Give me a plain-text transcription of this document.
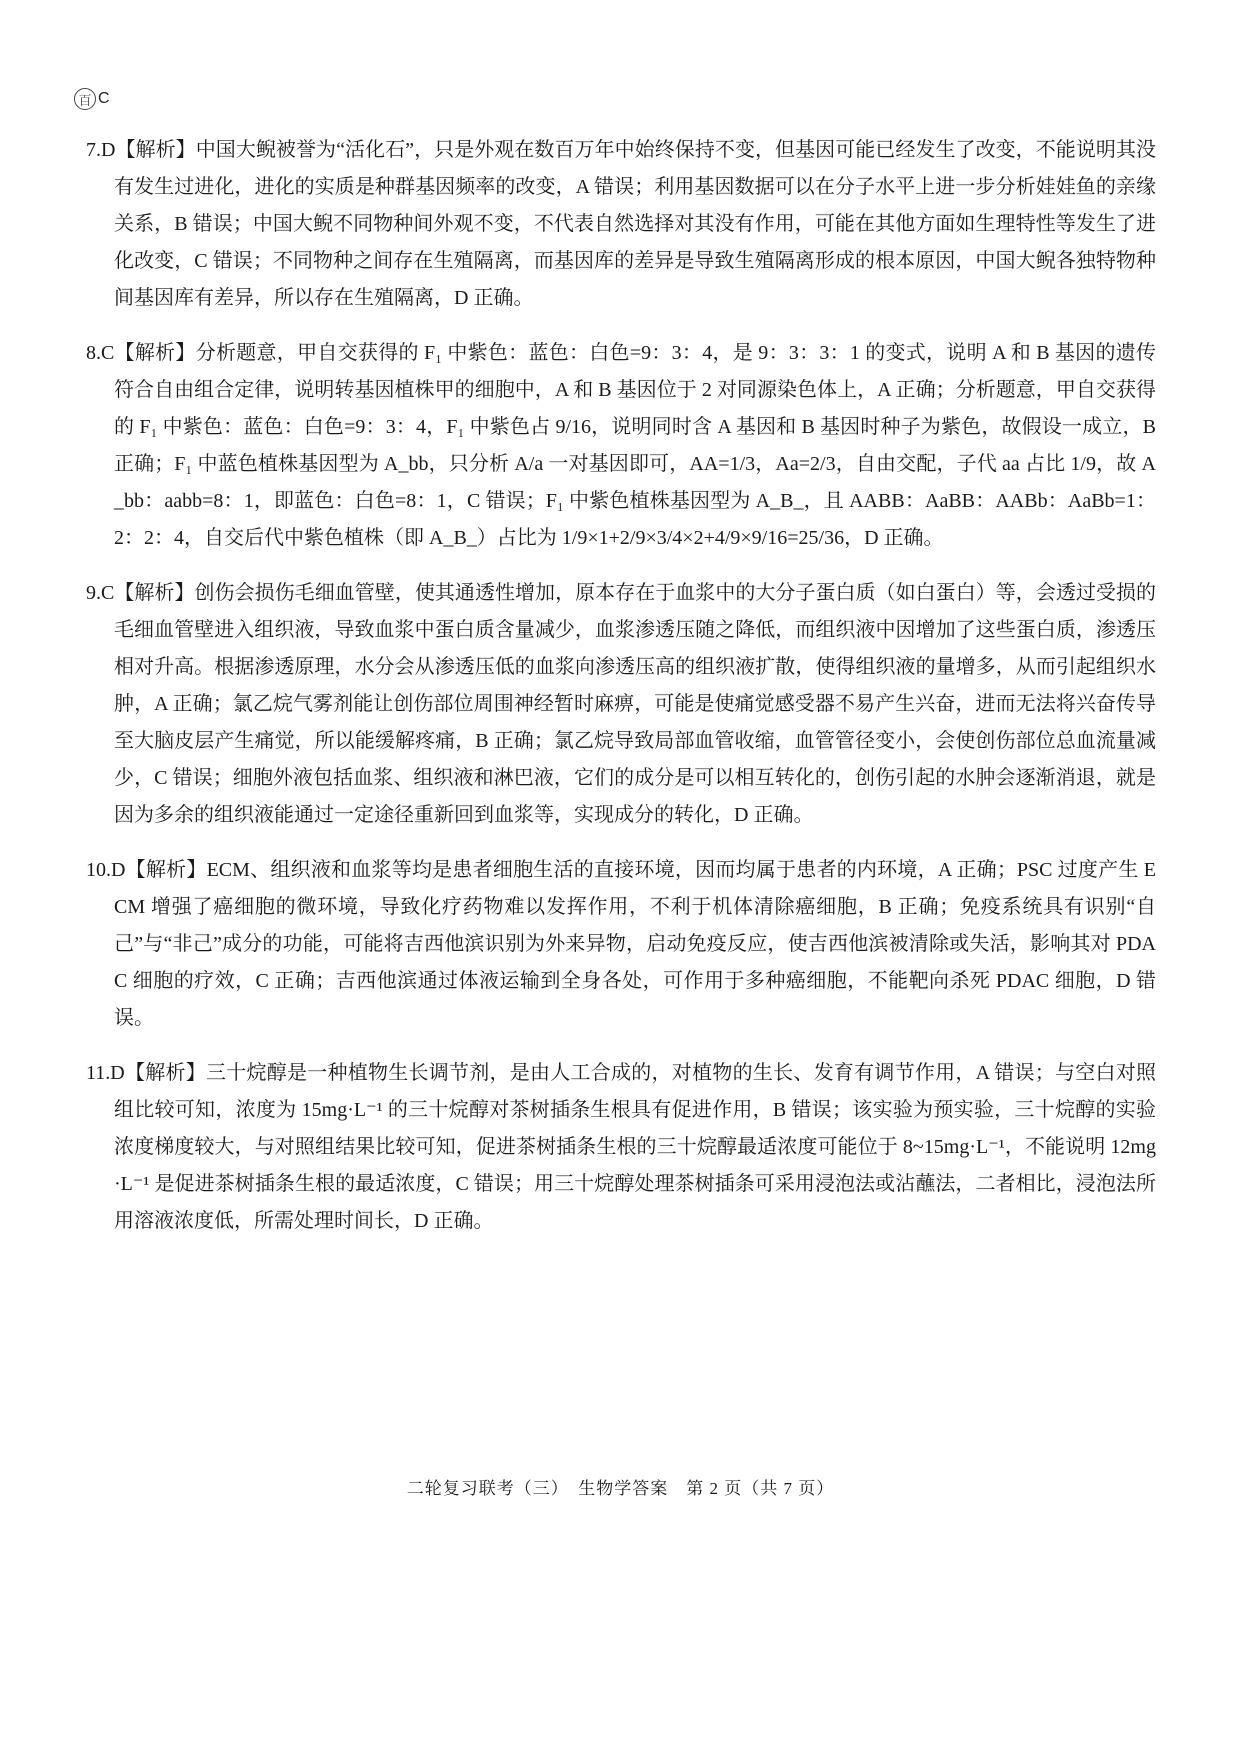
百 C

7.D【解析】中国大鲵被誉为“活化石”，只是外观在数百万年中始终保持不变，但基因可能已经发生了改变，不能说明其没有发生过进化，进化的实质是种群基因频率的改变，A 错误；利用基因数据可以在分子水平上进一步分析娃娃鱼的亲缘关系，B 错误；中国大鲵不同物种间外观不变，不代表自然选择对其没有作用，可能在其他方面如生理特性等发生了进化改变，C 错误；不同物种之间存在生殖隔离，而基因库的差异是导致生殖隔离形成的根本原因，中国大鲵各独特物种间基因库有差异，所以存在生殖隔离，D 正确。

8.C【解析】分析题意，甲自交获得的 F₁ 中紫色：蓝色：白色=9：3：4，是 9：3：3：1 的变式，说明 A 和 B 基因的遗传符合自由组合定律，说明转基因植株甲的细胞中，A 和 B 基因位于 2 对同源染色体上，A 正确；分析题意，甲自交获得的 F₁ 中紫色：蓝色：白色=9：3：4，F₁ 中紫色占 9/16，说明同时含 A 基因和 B 基因时种子为紫色，故假设一成立，B 正确；F₁ 中蓝色植株基因型为 A_bb，只分析 A/a 一对基因即可，AA=1/3，Aa=2/3，自由交配，子代 aa 占比 1/9，故 A_bb：aabb=8：1，即蓝色：白色=8：1，C 错误；F₁ 中紫色植株基因型为 A_B_，且 AABB：AaBB：AABb：AaBb=1：2：2：4，自交后代中紫色植株（即 A_B_）占比为 1/9×1+2/9×3/4×2+4/9×9/16=25/36，D 正确。

9.C【解析】创伤会损伤毛细血管壁，使其通透性增加，原本存在于血浆中的大分子蛋白质（如白蛋白）等，会透过受损的毛细血管壁进入组织液，导致血浆中蛋白质含量减少，血浆渗透压随之降低，而组织液中因增加了这些蛋白质，渗透压相对升高。根据渗透原理，水分会从渗透压低的血浆向渗透压高的组织液扩散，使得组织液的量增多，从而引起组织水肿，A 正确；氯乙烷气雾剂能让创伤部位周围神经暂时麻痹，可能是使痛觉感受器不易产生兴奋，进而无法将兴奋传导至大脑皮层产生痛觉，所以能缓解疼痛，B 正确；氯乙烷导致局部血管收缩，血管管径变小，会使创伤部位总血流量减少，C 错误；细胞外液包括血浆、组织液和淋巴液，它们的成分是可以相互转化的，创伤引起的水肿会逐渐消退，就是因为多余的组织液能通过一定途径重新回到血浆等，实现成分的转化，D 正确。

10.D【解析】ECM、组织液和血浆等均是患者细胞生活的直接环境，因而均属于患者的内环境，A 正确；PSC 过度产生 ECM 增强了癌细胞的微环境，导致化疗药物难以发挥作用，不利于机体清除癌细胞，B 正确；免疫系统具有识别“自己”与“非己”成分的功能，可能将吉西他滨识别为外来异物，启动免疫反应，使吉西他滨被清除或失活，影响其对 PDAC 细胞的疗效，C 正确；吉西他滨通过体液运输到全身各处，可作用于多种癌细胞，不能靶向杀死 PDAC 细胞，D 错误。

11.D【解析】三十烷醇是一种植物生长调节剂，是由人工合成的，对植物的生长、发育有调节作用，A 错误；与空白对照组比较可知，浓度为 15mg·L⁻¹ 的三十烷醇对茶树插条生根具有促进作用，B 错误；该实验为预实验，三十烷醇的实验浓度梯度较大，与对照组结果比较可知，促进茶树插条生根的三十烷醇最适浓度可能位于 8~15mg·L⁻¹，不能说明 12mg·L⁻¹ 是促进茶树插条生根的最适浓度，C 错误；用三十烷醇处理茶树插条可采用浸泡法或沾蘸法，二者相比，浸泡法所用溶液浓度低，所需处理时间长，D 正确。

二轮复习联考（三）　生物学答案　第 2 页（共 7 页）
